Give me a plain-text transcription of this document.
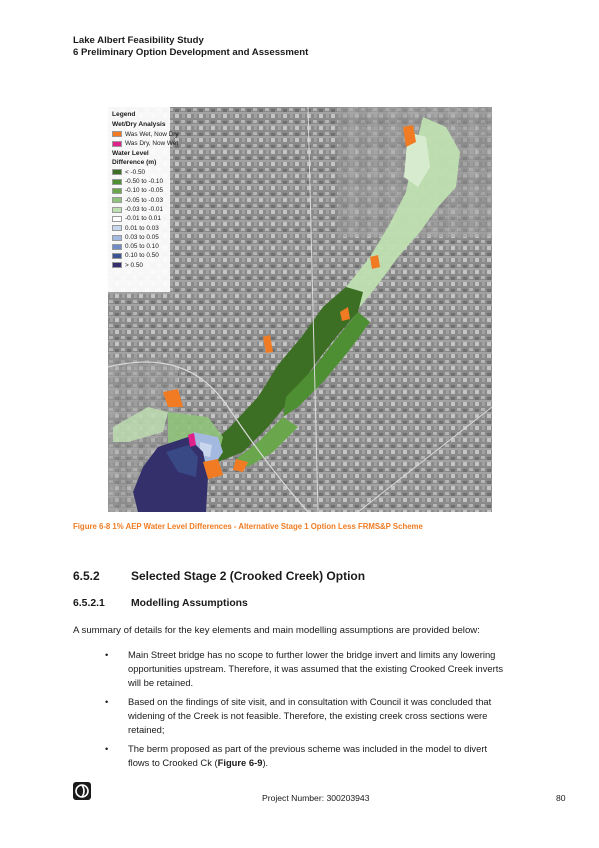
Lake Albert Feasibility Study
6 Preliminary Option Development and Assessment
Legend
Wet/Dry Analysis
Was Wet, Now Dry
Was Dry, Now Wet
Water Level Difference (m)
< -0.50
-0.50 to -0.10
-0.10 to -0.05
-0.05 to -0.03
-0.03 to -0.01
-0.01 to 0.01
0.01 to 0.03
0.03 to 0.05
0.05 to 0.10
0.10 to 0.50
> 0.50
Figure 6-8 1% AEP Water Level Differences - Alternative Stage 1 Option Less FRMS&P Scheme
6.5.2	Selected Stage 2 (Crooked Creek) Option
6.5.2.1	Modelling Assumptions
A summary of details for the key elements and main modelling assumptions are provided below:
• Main Street bridge has no scope to further lower the bridge invert and limits any lowering opportunities upstream. Therefore, it was assumed that the existing Crooked Creek inverts will be retained.
• Based on the findings of site visit, and in consultation with Council it was concluded that widening of the Creek is not feasible. Therefore, the existing creek cross sections were retained;
• The berm proposed as part of the previous scheme was included in the model to divert flows to Crooked Ck (Figure 6-9).
Project Number: 300203943	80
